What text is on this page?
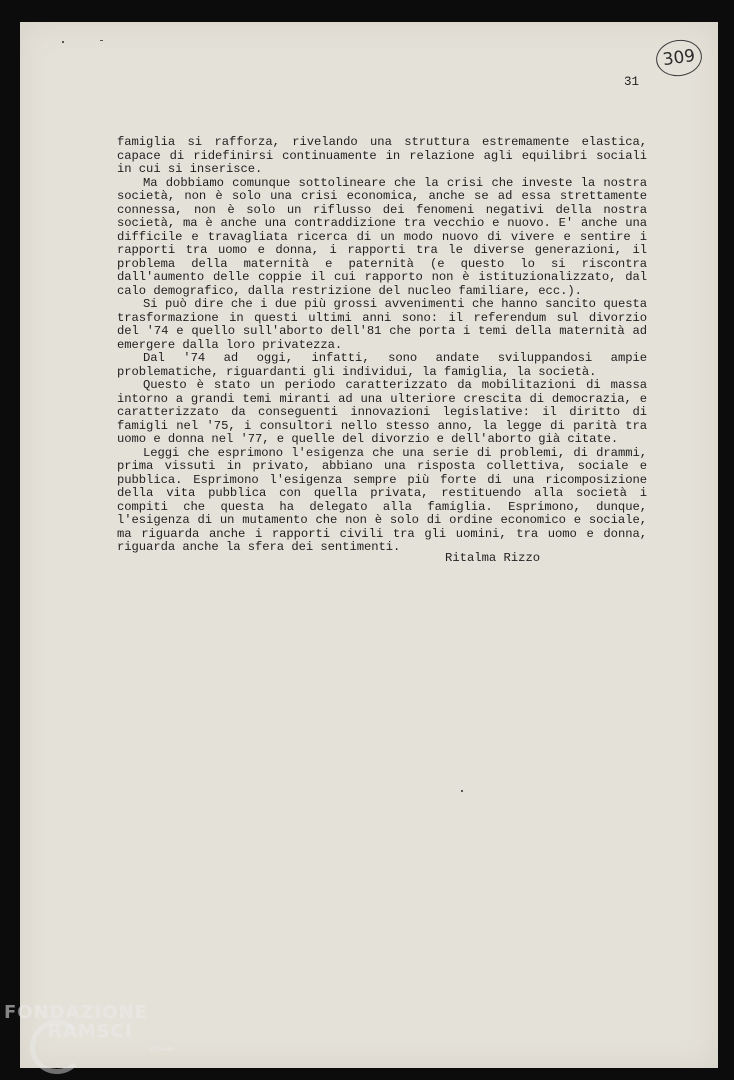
309
31

famiglia si rafforza, rivelando una struttura estremamente elastica, capace di ridefinirsi continuamente in relazione agli equilibri sociali in cui si inserisce.

Ma dobbiamo comunque sottolineare che la crisi che investe la nostra società, non è solo una crisi economica, anche se ad essa strettamente connessa, non è solo un riflusso dei fenomeni negativi della nostra società, ma è anche una contraddizione tra vecchio e nuovo. E' anche una difficile e travagliata ricerca di un modo nuovo di vivere e sentire i rapporti tra uomo e donna, i rapporti tra le diverse generazioni, il problema della maternità e paternità (e questo lo si riscontra dall'aumento delle coppie il cui rapporto non è istituzionalizzato, dal calo demografico, dalla restrizione del nucleo familiare, ecc.).

Si può dire che i due più grossi avvenimenti che hanno sancito questa trasformazione in questi ultimi anni sono: il referendum sul divorzio del '74 e quello sull'aborto dell'81 che porta i temi della maternità ad emergere dalla loro privatezza.

Dal '74 ad oggi, infatti, sono andate sviluppandosi ampie problematiche, riguardanti gli individui, la famiglia, la società.

Questo è stato un periodo caratterizzato da mobilitazioni di massa intorno a grandi temi miranti ad una ulteriore crescita di democrazia, e caratterizzato da conseguenti innovazioni legislative: il diritto di famigli nel '75, i consultori nello stesso anno, la legge di parità tra uomo e donna nel '77, e quelle del divorzio e dell'aborto già citate.

Leggi che esprimono l'esigenza che una serie di problemi, di drammi, prima vissuti in privato, abbiano una risposta collettiva, sociale e pubblica. Esprimono l'esigenza sempre più forte di una ricomposizione della vita pubblica con quella privata, restituendo alla società i compiti che questa ha delegato alla famiglia. Esprimono, dunque, l'esigenza di un mutamento che non è solo di ordine economico e sociale, ma riguarda anche i rapporti civili tra gli uomini, tra uomo e donna, riguarda anche la sfera dei sentimenti.

Ritalma Rizzo
FONDAZIONE
RAMSCI
onlus
